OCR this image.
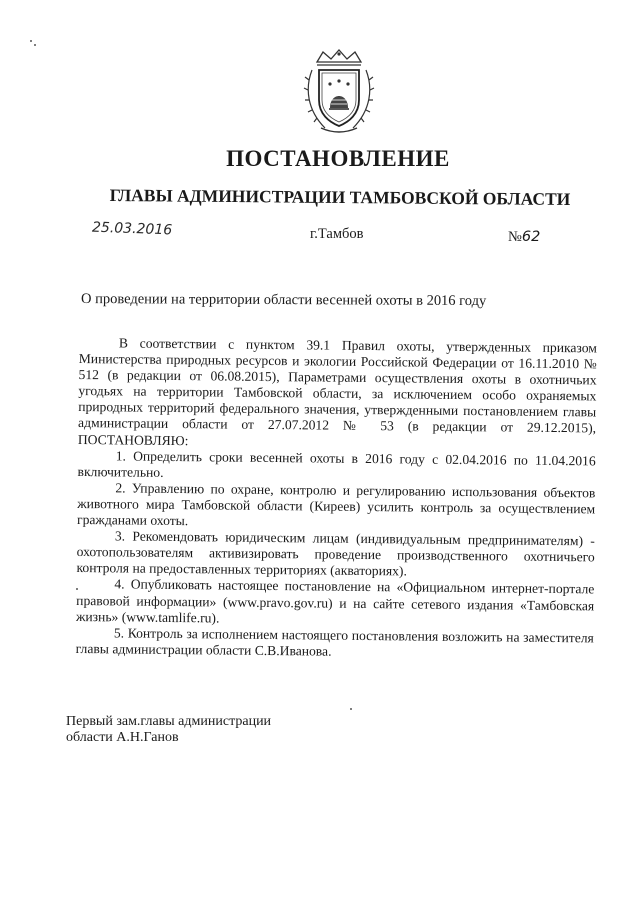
ПОСТАНОВЛЕНИЕ
ГЛАВЫ АДМИНИСТРАЦИИ ТАМБОВСКОЙ ОБЛАСТИ
25.03.2016	г.Тамбов	№62
О проведении на территории области весенней охоты в 2016 году

В соответствии с пунктом 39.1 Правил охоты, утвержденных приказом Министерства природных ресурсов и экологии Российской Федерации от 16.11.2010 № 512 (в редакции от 06.08.2015), Параметрами осуществления охоты в охотничьих угодьях на территории Тамбовской области, за исключением особо охраняемых природных территорий федерального значения, утвержденными постановлением главы администрации области от 27.07.2012 № 53 (в редакции от 29.12.2015), ПОСТАНОВЛЯЮ:

1. Определить сроки весенней охоты в 2016 году с 02.04.2016 по 11.04.2016 включительно.

2. Управлению по охране, контролю и регулированию использования объектов животного мира Тамбовской области (Киреев) усилить контроль за осуществлением гражданами охоты.

3. Рекомендовать юридическим лицам (индивидуальным предпринимателям) - охотопользователям активизировать проведение производственного охотничьего контроля на предоставленных территориях (акваториях).

4. Опубликовать настоящее постановление на «Официальном интернет-портале правовой информации» (www.pravo.gov.ru) и на сайте сетевого издания «Тамбовская жизнь» (www.tamlife.ru).

5. Контроль за исполнением настоящего постановления возложить на заместителя главы администрации области С.В.Иванова.

Первый зам.главы администрации
области А.Н.Ганов
